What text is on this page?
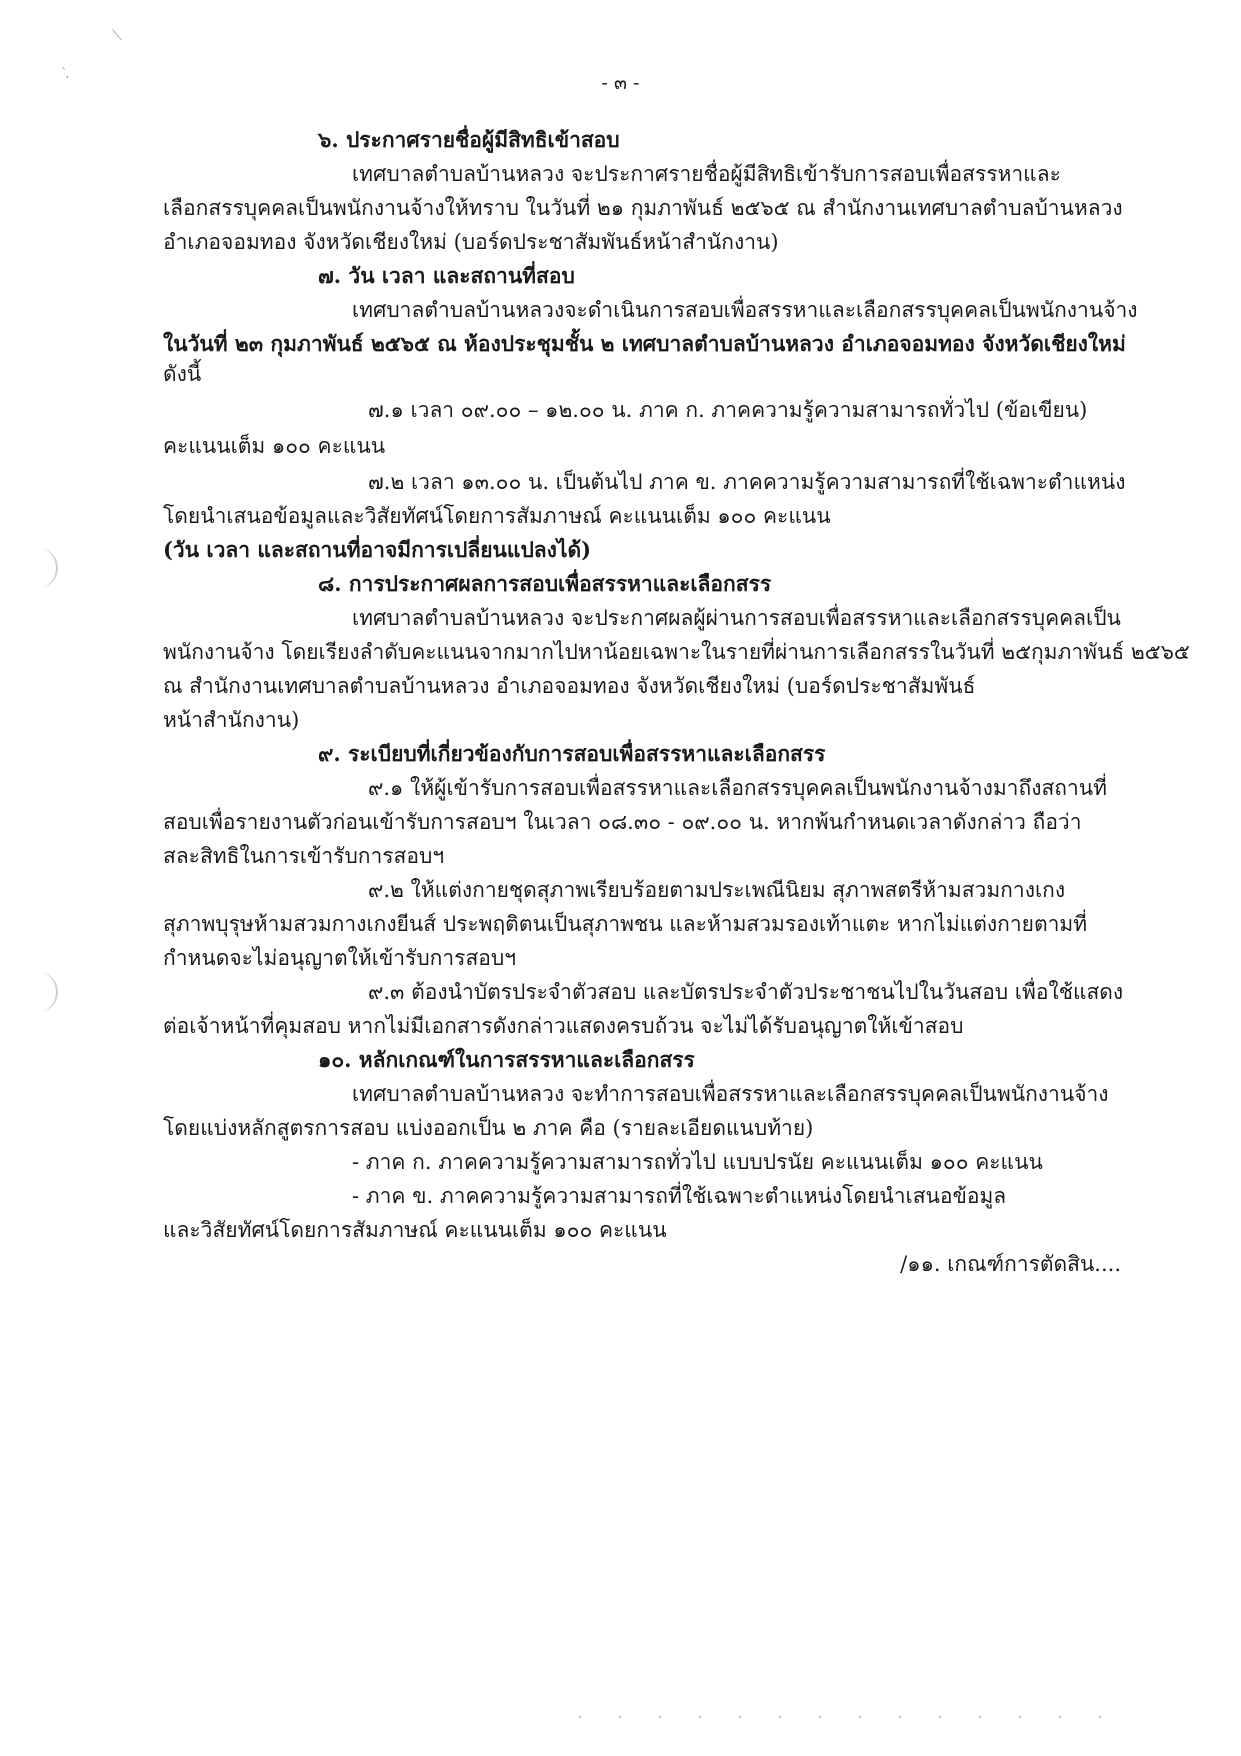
⟍
‵.	- ๓ -
๖. ประกาศรายชื่อผู้มีสิทธิเข้าสอบ
เทศบาลตำบลบ้านหลวง จะประกาศรายชื่อผู้มีสิทธิเข้ารับการสอบเพื่อสรรหาและ
เลือกสรรบุคคลเป็นพนักงานจ้างให้ทราบ ในวันที่ ๒๑ กุมภาพันธ์ ๒๕๖๕ ณ สำนักงานเทศบาลตำบลบ้านหลวง
อำเภอจอมทอง จังหวัดเชียงใหม่ (บอร์ดประชาสัมพันธ์หน้าสำนักงาน)
๗. วัน เวลา และสถานที่สอบ
เทศบาลตำบลบ้านหลวงจะดำเนินการสอบเพื่อสรรหาและเลือกสรรบุคคลเป็นพนักงานจ้าง
ในวันที่ ๒๓ กุมภาพันธ์ ๒๕๖๕ ณ ห้องประชุมชั้น ๒ เทศบาลตำบลบ้านหลวง อำเภอจอมทอง จังหวัดเชียงใหม่
ดังนี้
๗.๑ เวลา ๐๙.๐๐ – ๑๒.๐๐ น. ภาค ก. ภาคความรู้ความสามารถทั่วไป (ข้อเขียน)
คะแนนเต็ม ๑๐๐ คะแนน
๗.๒ เวลา ๑๓.๐๐ น. เป็นต้นไป ภาค ข. ภาคความรู้ความสามารถที่ใช้เฉพาะตำแหน่ง
โดยนำเสนอข้อมูลและวิสัยทัศน์โดยการสัมภาษณ์ คะแนนเต็ม ๑๐๐ คะแนน
(วัน เวลา และสถานที่อาจมีการเปลี่ยนแปลงได้)
๘. การประกาศผลการสอบเพื่อสรรหาและเลือกสรร
เทศบาลตำบลบ้านหลวง จะประกาศผลผู้ผ่านการสอบเพื่อสรรหาและเลือกสรรบุคคลเป็น
พนักงานจ้าง โดยเรียงลำดับคะแนนจากมากไปหาน้อยเฉพาะในรายที่ผ่านการเลือกสรรในวันที่ ๒๕กุมภาพันธ์ ๒๕๖๕
ณ สำนักงานเทศบาลตำบลบ้านหลวง อำเภอจอมทอง จังหวัดเชียงใหม่ (บอร์ดประชาสัมพันธ์
หน้าสำนักงาน)
๙. ระเบียบที่เกี่ยวข้องกับการสอบเพื่อสรรหาและเลือกสรร
๙.๑ ให้ผู้เข้ารับการสอบเพื่อสรรหาและเลือกสรรบุคคลเป็นพนักงานจ้างมาถึงสถานที่
สอบเพื่อรายงานตัวก่อนเข้ารับการสอบฯ ในเวลา ๐๘.๓๐ - ๐๙.๐๐ น. หากพ้นกำหนดเวลาดังกล่าว ถือว่า
สละสิทธิในการเข้ารับการสอบฯ
๙.๒ ให้แต่งกายชุดสุภาพเรียบร้อยตามประเพณีนิยม สุภาพสตรีห้ามสวมกางเกง
สุภาพบุรุษห้ามสวมกางเกงยีนส์ ประพฤติตนเป็นสุภาพชน และห้ามสวมรองเท้าแตะ หากไม่แต่งกายตามที่
กำหนดจะไม่อนุญาตให้เข้ารับการสอบฯ
๙.๓ ต้องนำบัตรประจำตัวสอบ และบัตรประจำตัวประชาชนไปในวันสอบ เพื่อใช้แสดง
ต่อเจ้าหน้าที่คุมสอบ หากไม่มีเอกสารดังกล่าวแสดงครบถ้วน จะไม่ได้รับอนุญาตให้เข้าสอบ
๑๐. หลักเกณฑ์ในการสรรหาและเลือกสรร
เทศบาลตำบลบ้านหลวง จะทำการสอบเพื่อสรรหาและเลือกสรรบุคคลเป็นพนักงานจ้าง
โดยแบ่งหลักสูตรการสอบ แบ่งออกเป็น ๒ ภาค คือ (รายละเอียดแนบท้าย)
- ภาค ก. ภาคความรู้ความสามารถทั่วไป แบบปรนัย คะแนนเต็ม ๑๐๐ คะแนน
- ภาค ข. ภาคความรู้ความสามารถที่ใช้เฉพาะตำแหน่งโดยนำเสนอข้อมูล
และวิสัยทัศน์โดยการสัมภาษณ์ คะแนนเต็ม ๑๐๐ คะแนน
/๑๑. เกณฑ์การตัดสิน....
